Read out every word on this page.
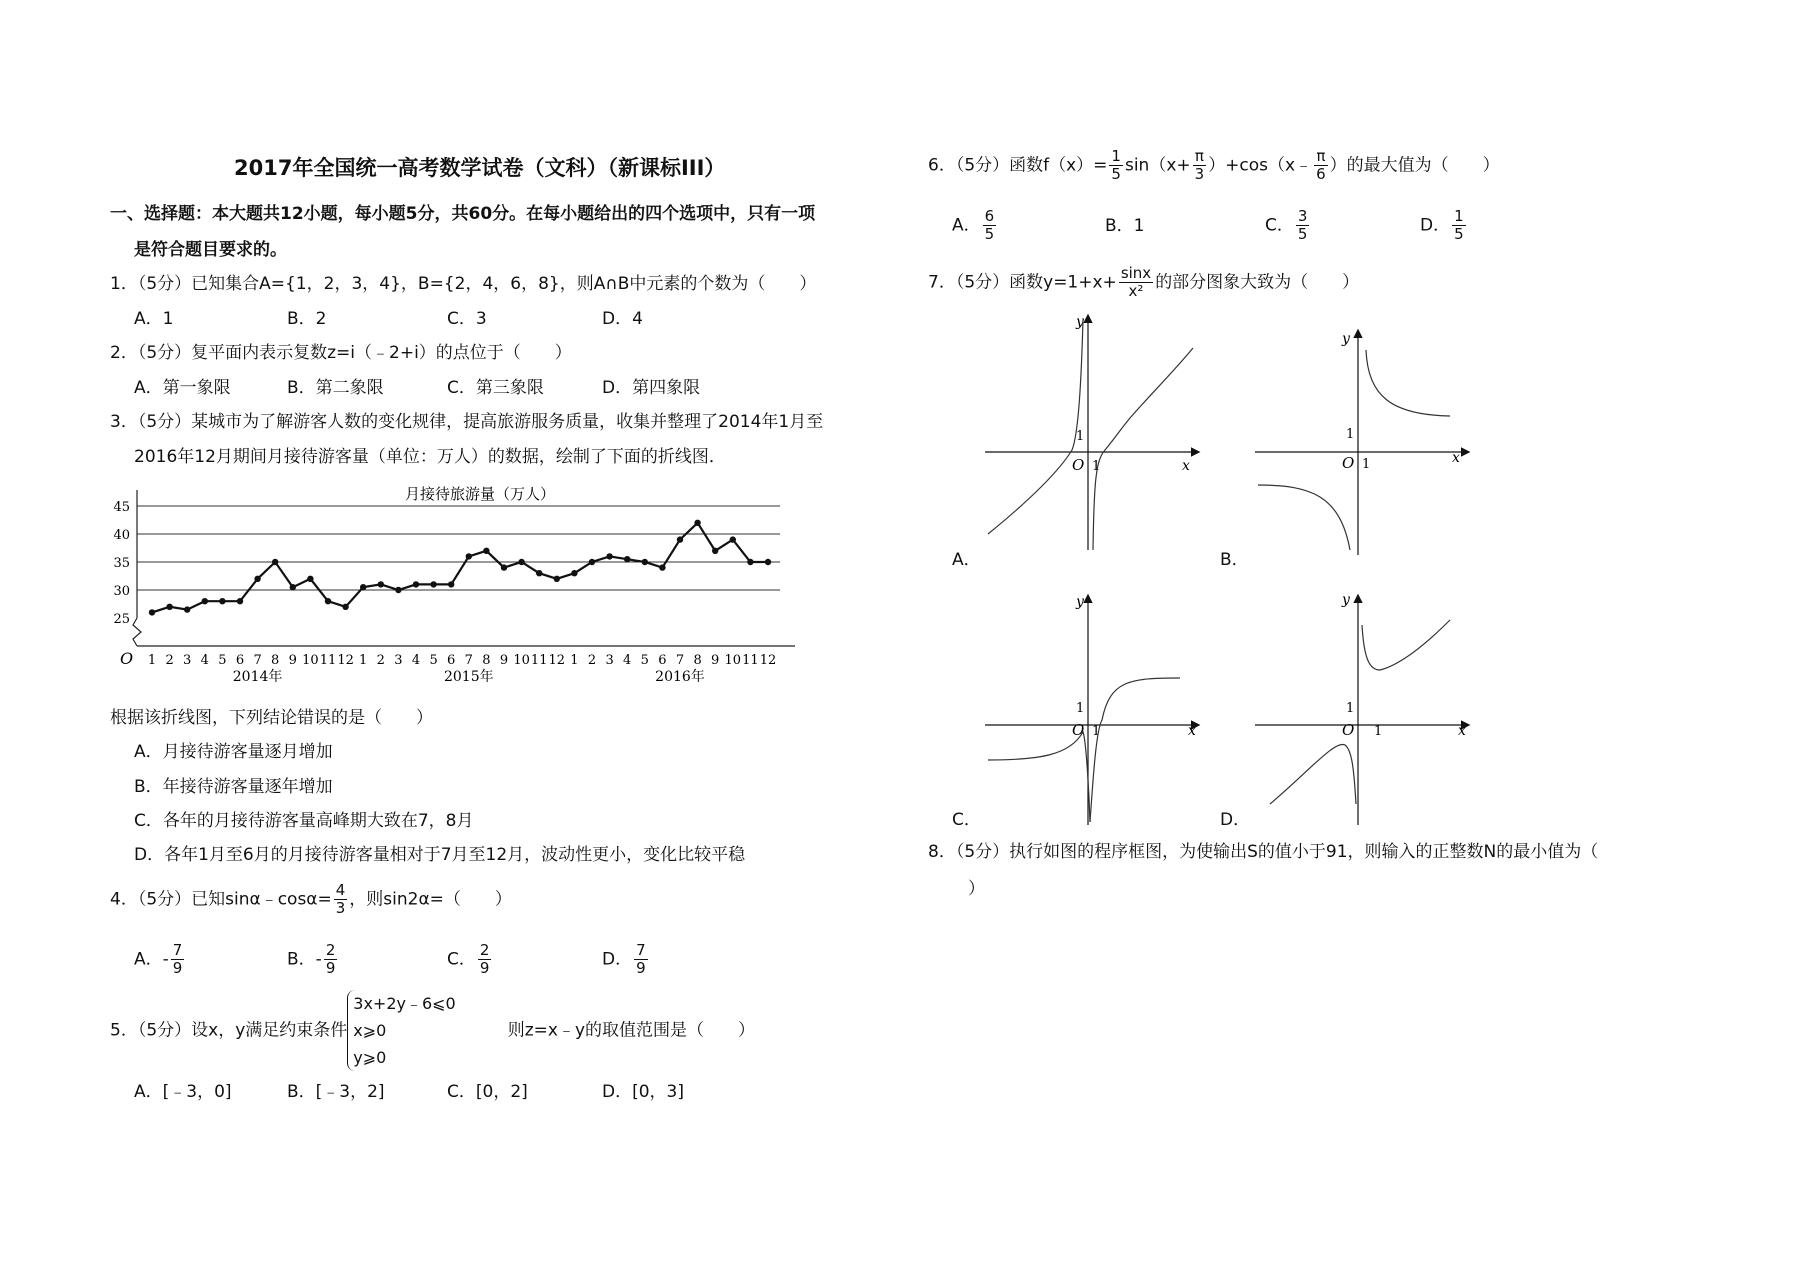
2017年全国统一高考数学试卷（文科）（新课标III）
一、选择题：本大题共12小题，每小题5分，共60分。在每小题给出的四个选项中，只有一项
是符合题目要求的。
1．（5分）已知集合A={1，2，3，4}，B={2，4，6，8}，则A∩B中元素的个数为（　　）
A．1	B．2	C．3	D．4
2．（5分）复平面内表示复数z=i（﹣2+i）的点位于（　　）
A．第一象限	B．第二象限	C．第三象限	D．第四象限
3．（5分）某城市为了解游客人数的变化规律，提高旅游服务质量，收集并整理了2014年1月至
2016年12月期间月接待游客量（单位：万人）的数据，绘制了下面的折线图．
25
30
35
40
45
O
月接待旅游量（万人）
1 2 3 4 5 6 7 8 9 10 11 12 1 2 3 4 5 6 7 8 9 10 11 12 1 2 3 4 5 6 7 8 9 10 11 12
2014年	2015年	2016年
根据该折线图，下列结论错误的是（　　）
A．月接待游客量逐月增加
B．年接待游客量逐年增加
C．各年的月接待游客量高峰期大致在7，8月
D．各年1月至6月的月接待游客量相对于7月至12月，波动性更小，变化比较平稳
4．（5分）已知sinα﹣cosα= $\frac{4}{3}$ ，则sin2α=（　　）
A．- $\frac{7}{9}$	B．- $\frac{2}{9}$	C． $\frac{2}{9}$	D． $\frac{7}{9}$
5．（5分）设x，y满足约束条件
3x+2y﹣6⩽0
x⩾0
y⩾0
则z=x﹣y的取值范围是（　　）
A．[﹣3，0]	B．[﹣3，2]	C．[0，2]	D．[0，3]
6．（5分）函数$f(x)= \frac{1}{5} \sin(x+ \frac{\pi}{3}$ ）+cos（x﹣ $\frac{\pi}{6}$ ）的最大值为（　　）
A． $\frac{6}{5}$	B．1	C． $\frac{3}{5}$	D． $\frac{1}{5}$
7．（5分）函数$y=1+x+ \frac{\sin x}{\text{x²}}$ 的部分图象大致为（　　）
y
x
O 1
1
A．
y
x
O 1
1
B．
y
x
O 1
1
C．
y
x
O 1
1
D．
8．（5分）执行如图的程序框图，为使输出S的值小于91，则输入的正整数N的最小值为（
）
